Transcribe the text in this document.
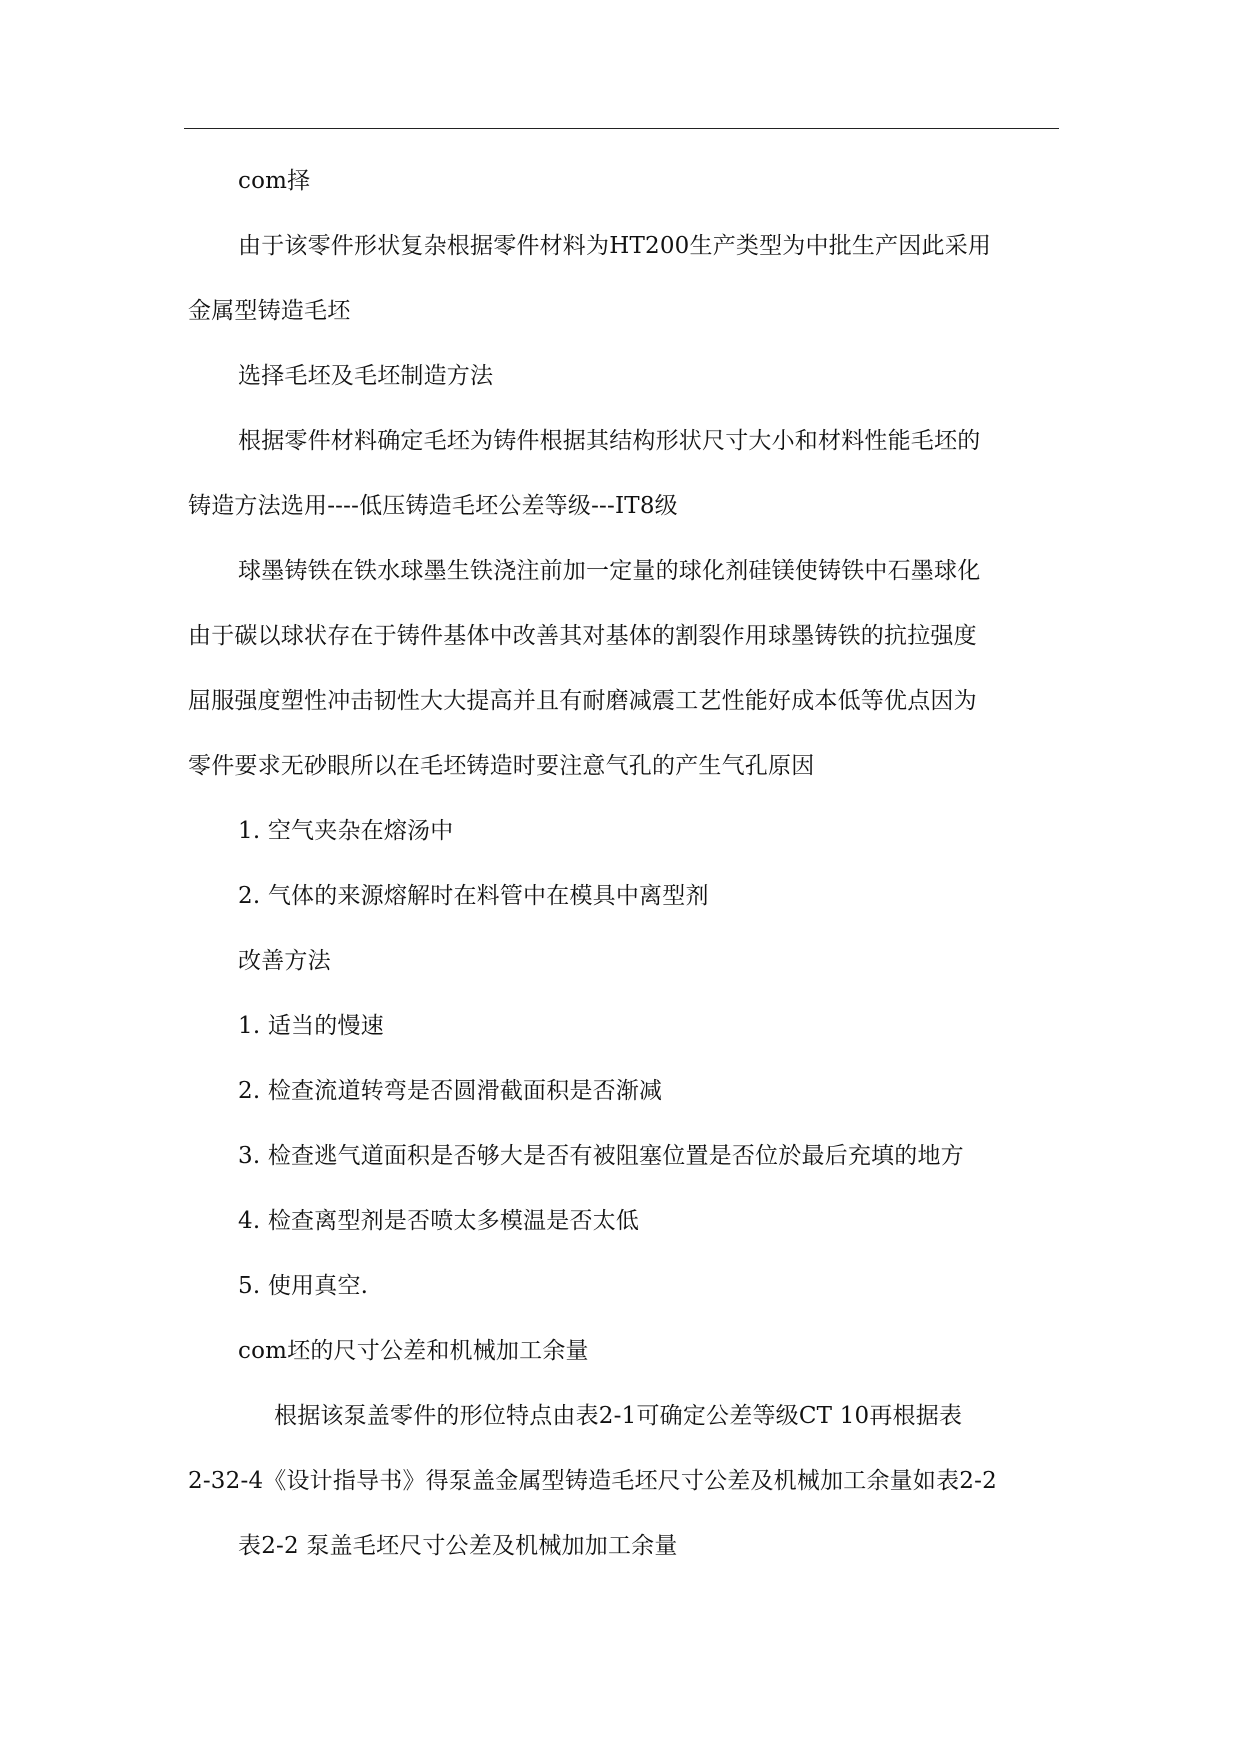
com择
由于该零件形状复杂根据零件材料为HT200生产类型为中批生产因此采用
金属型铸造毛坯
选择毛坯及毛坯制造方法
根据零件材料确定毛坯为铸件根据其结构形状尺寸大小和材料性能毛坯的
铸造方法选用----低压铸造毛坯公差等级---IT8级
球墨铸铁在铁水球墨生铁浇注前加一定量的球化剂硅镁使铸铁中石墨球化
由于碳以球状存在于铸件基体中改善其对基体的割裂作用球墨铸铁的抗拉强度
屈服强度塑性冲击韧性大大提高并且有耐磨减震工艺性能好成本低等优点因为
零件要求无砂眼所以在毛坯铸造时要注意气孔的产生气孔原因
1. 空气夹杂在熔汤中
2. 气体的来源熔解时在料管中在模具中离型剂
改善方法
1. 适当的慢速
2. 检查流道转弯是否圆滑截面积是否渐减
3. 检查逃气道面积是否够大是否有被阻塞位置是否位於最后充填的地方
4. 检查离型剂是否喷太多模温是否太低
5. 使用真空.
com坯的尺寸公差和机械加工余量
根据该泵盖零件的形位特点由表2-1可确定公差等级CT 10再根据表
2-32-4《设计指导书》得泵盖金属型铸造毛坯尺寸公差及机械加工余量如表2-2
表2-2 泵盖毛坯尺寸公差及机械加加工余量
